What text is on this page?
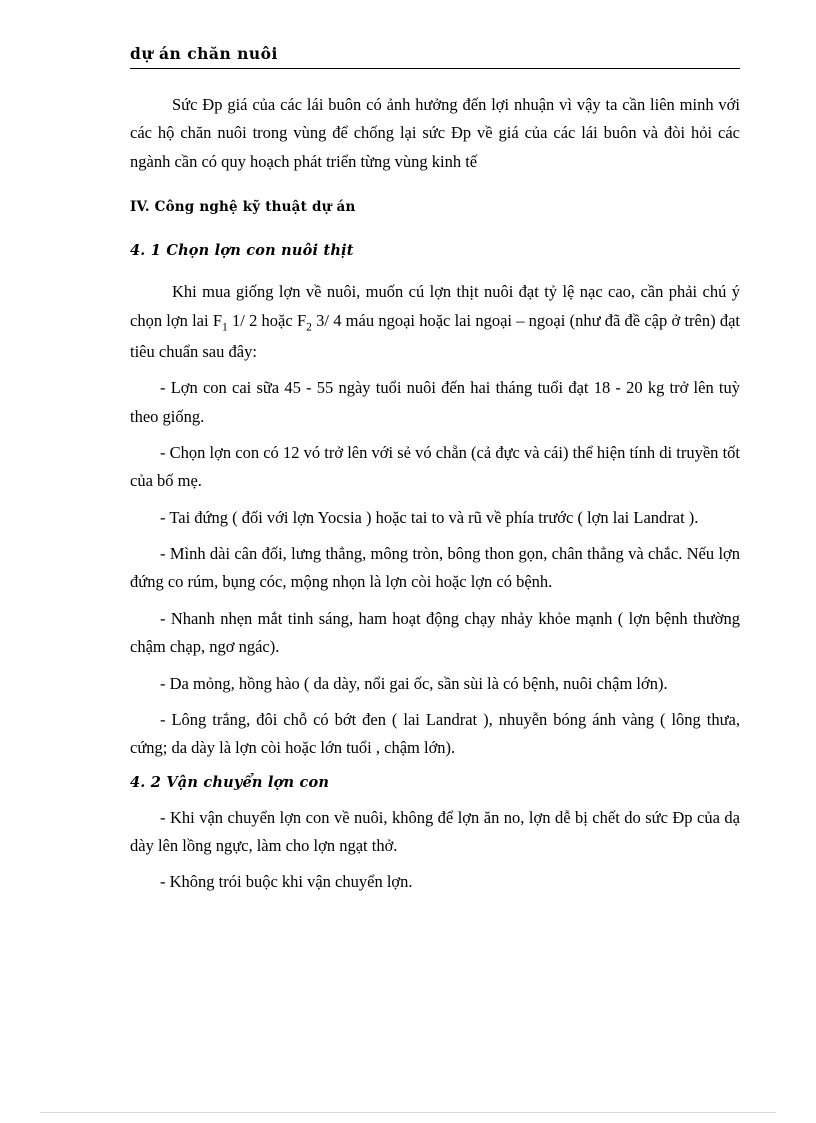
dự án chăn nuôi

Sức Đp giá của các lái buôn có ảnh hưởng đến lợi nhuận vì vậy ta cần liên minh với các hộ chăn nuôi trong vùng để chống lại sức Đp về giá của các lái buôn và đòi hỏi các ngành cần có quy hoạch phát triển từng vùng kinh tế

IV. Công nghệ kỹ thuật dự án

4. 1 Chọn lợn con nuôi thịt

Khi mua giống lợn về nuôi, muốn cú lợn thịt nuôi đạt tỷ lệ nạc cao, cần phải chú ý chọn lợn lai $F_1$ 1/ 2 hoặc $F_2$ 3/ 4 máu ngoại hoặc lai ngoại – ngoại (như đã đề cập ở trên) đạt tiêu chuẩn sau đây:

- Lợn con cai sữa 45 - 55 ngày tuổi nuôi đến hai tháng tuổi đạt 18 - 20 kg trở lên tuỳ theo giống.

- Chọn lợn con có 12 vó trở lên với sẻ vó chẵn (cả đực và cái) thể hiện tính di truyền tốt của bố mẹ.

- Tai đứng ( đối với lợn Yocsia ) hoặc tai to và rũ về phía trước ( lợn lai Landrat ).

- Mình dài cân đối, lưng thẳng, mông tròn, bông thon gọn, chân thẳng và chắc. Nếu lợn đứng co rúm, bụng cóc, mộng nhọn là lợn còi hoặc lợn có bệnh.

- Nhanh nhẹn mắt tinh sáng, ham hoạt động chạy nhảy khỏe mạnh ( lợn bệnh thường chậm chạp, ngơ ngác).

- Da mỏng, hồng hào ( da dày, nổi gai ốc, sần sùi là có bệnh, nuôi chậm lớn).

- Lông trắng, đôi chỗ có bớt đen ( lai Landrat ), nhuyễn bóng ánh vàng ( lông thưa, cứng; da dày là lợn còi hoặc lớn tuổi , chậm lớn).

4. 2 Vận chuyển lợn con

- Khi vận chuyển lợn con về nuôi, không để lợn ăn no, lợn dễ bị chết do sức Đp của dạ dày lên lồng ngực, làm cho lợn ngạt thở.

- Không trói buộc khi vận chuyển lợn.
